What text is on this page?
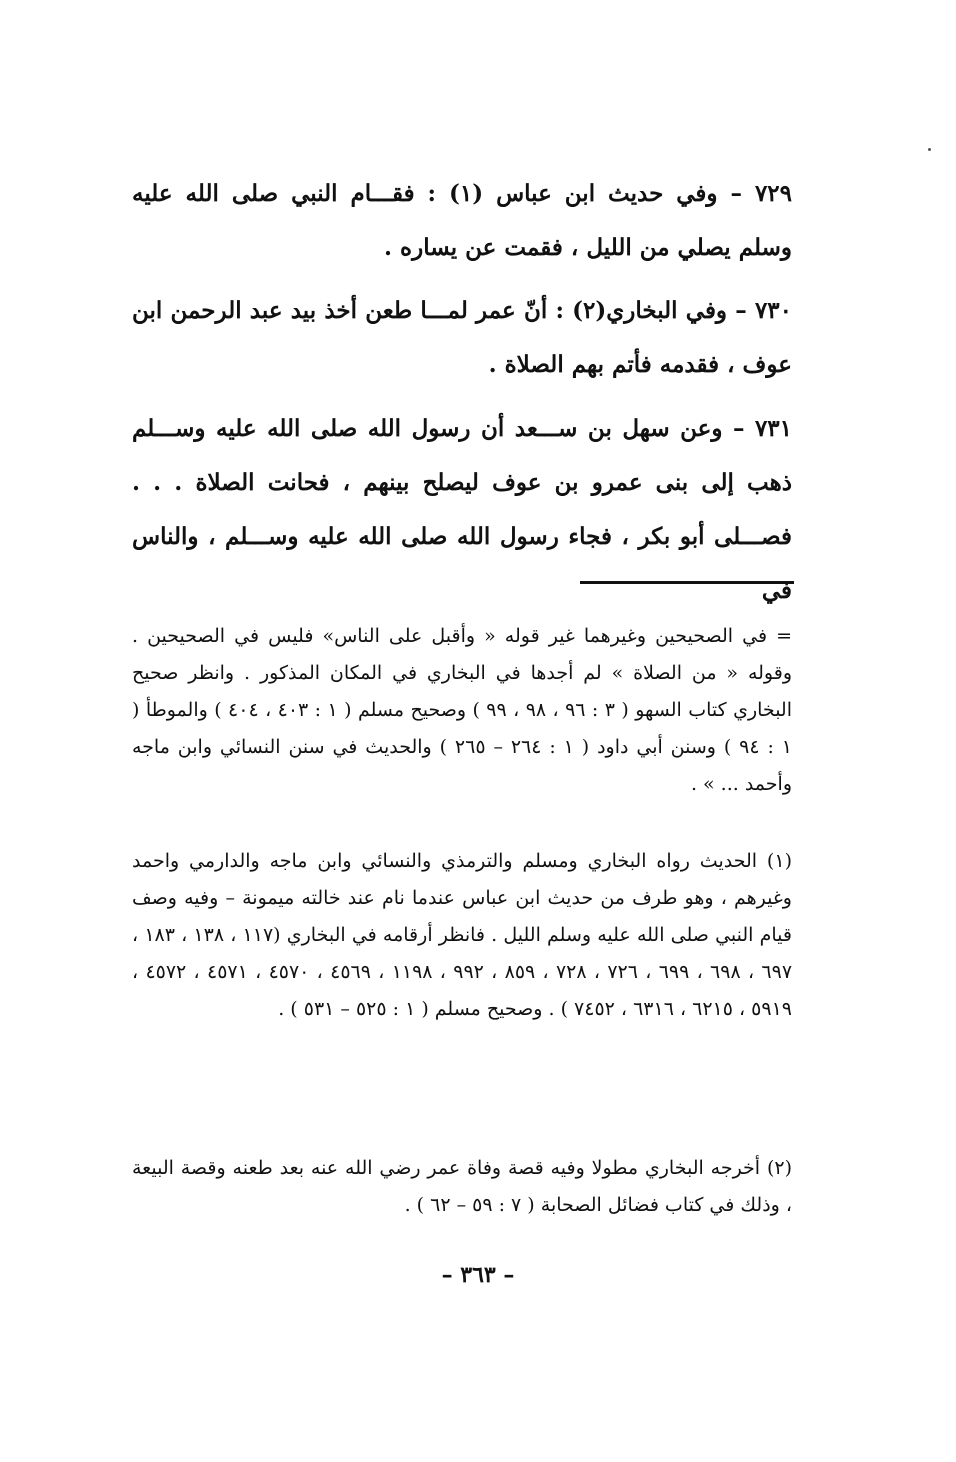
٧٢٩ – وفي حديث ابن عباس (١) : فقـــام النبي صلى الله عليه وسلم يصلي من الليل ، فقمت عن يساره .

٧٣٠ – وفي البخاري(٢) : أنّ عمر لمـــا طعن أخذ بيد عبد الرحمن ابن عوف ، فقدمه فأتم بهم الصلاة .

٧٣١ – وعن سهل بن ســـعد أن رسول الله صلى الله عليه وســـلم ذهب إلى بنى عمرو بن عوف ليصلح بينهم ، فحانت الصلاة . . . فصـــلى أبو بكر ، فجاء رسول الله صلى الله عليه وســـلم ، والناس في

= في الصحيحين وغيرهما غير قوله « وأقبل على الناس» فليس في الصحيحين . وقوله « من الصلاة » لم أجدها في البخاري في المكان المذكور . وانظر صحيح البخاري كتاب السهو ( ٣ : ٩٦ ، ٩٨ ، ٩٩ ) وصحيح مسلم ( ١ : ٤٠٣ ، ٤٠٤ ) والموطأ ( ١ : ٩٤ ) وسنن أبي داود ( ١ : ٢٦٤ – ٢٦٥ ) والحديث في سنن النسائي وابن ماجه وأحمد ... » .

(١) الحديث رواه البخاري ومسلم والترمذي والنسائي وابن ماجه والدارمي واحمد وغيرهم ، وهو طرف من حديث ابن عباس عندما نام عند خالته ميمونة – وفيه وصف قيام النبي صلى الله عليه وسلم الليل . فانظر أرقامه في البخاري (١١٧ ، ١٣٨ ، ١٨٣ ، ٦٩٧ ، ٦٩٨ ، ٦٩٩ ، ٧٢٦ ، ٧٢٨ ، ٨٥٩ ، ٩٩٢ ، ١١٩٨ ، ٤٥٦٩ ، ٤٥٧٠ ، ٤٥٧١ ، ٤٥٧٢ ، ٥٩١٩ ، ٦٢١٥ ، ٦٣١٦ ، ٧٤٥٢ ) . وصحيح مسلم ( ١ : ٥٢٥ – ٥٣١ ) .

(٢) أخرجه البخاري مطولا وفيه قصة وفاة عمر رضي الله عنه بعد طعنه وقصة البيعة ، وذلك في كتاب فضائل الصحابة ( ٧ : ٥٩ – ٦٢ ) .

– ٣٦٣ –
